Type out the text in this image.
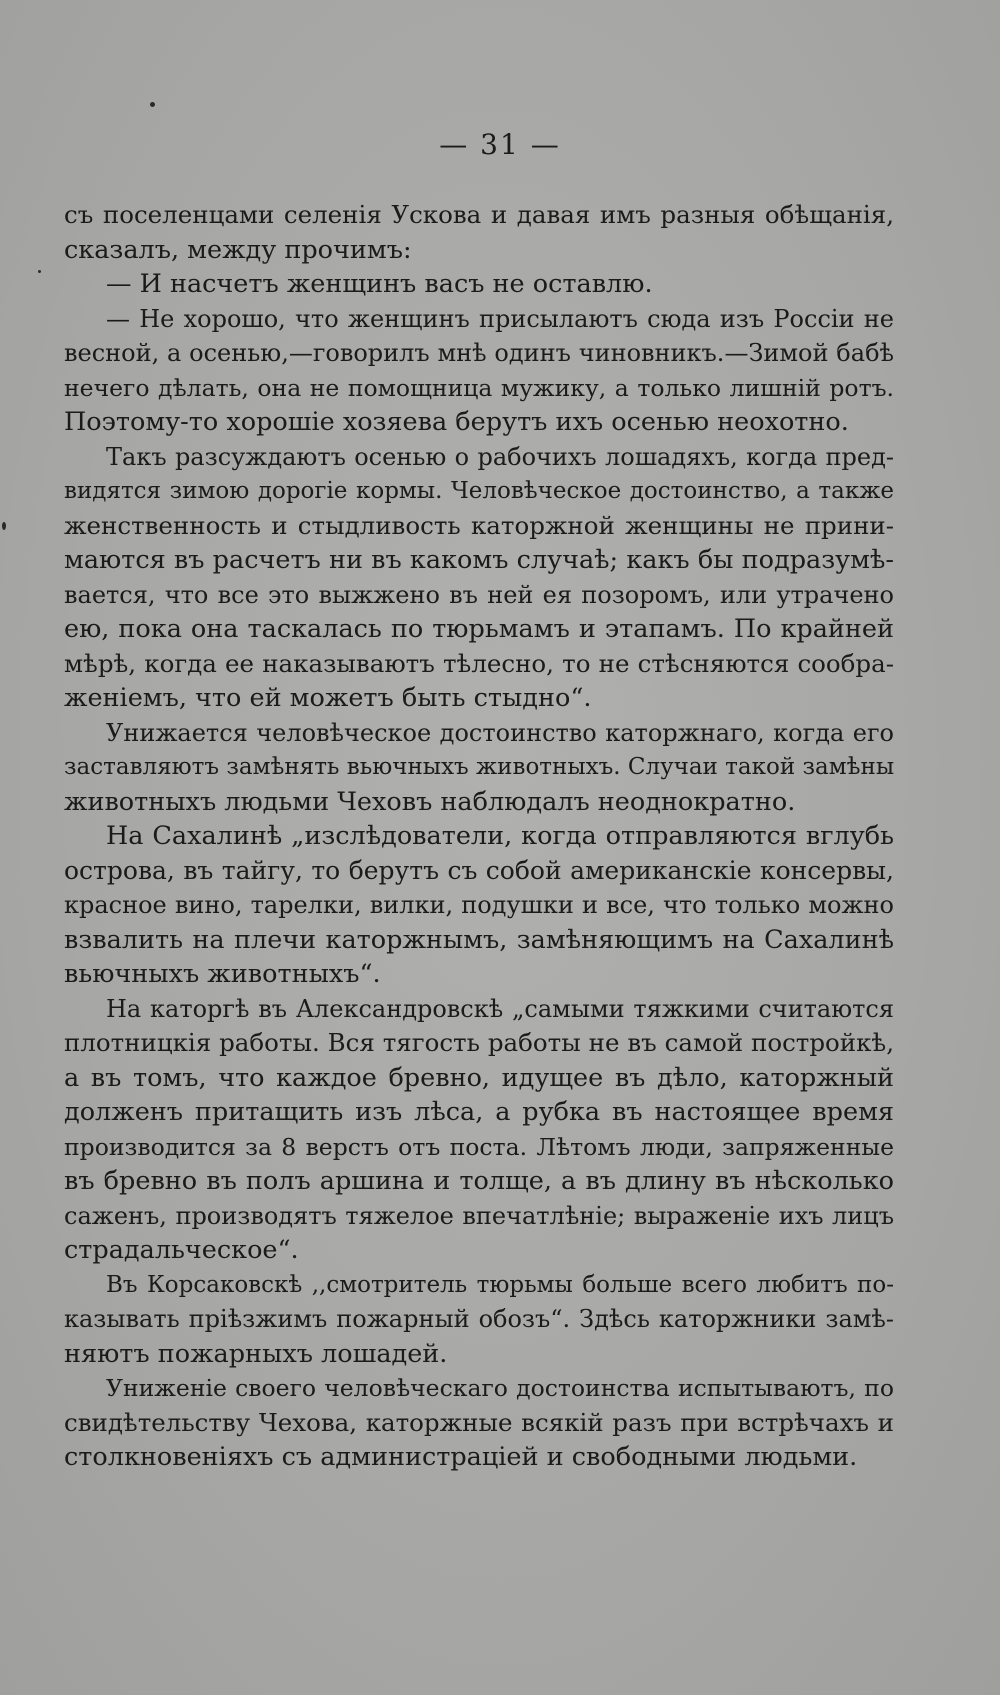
— 31 —
съ поселенцами селенія Ускова и давая имъ разныя обѣщанія,
сказалъ, между прочимъ:
— И насчетъ женщинъ васъ не оставлю.
— Не хорошо, что женщинъ присылаютъ сюда изъ Россіи не
весной, а осенью,—говорилъ мнѣ одинъ чиновникъ.—Зимой бабѣ
нечего дѣлать, она не помощница мужику, а только лишній ротъ.
Поэтому-то хорошіе хозяева берутъ ихъ осенью неохотно.
Такъ разсуждаютъ осенью о рабочихъ лошадяхъ, когда пред-
видятся зимою дорогіе кормы. Человѣческое достоинство, а также
женственность и стыдливость каторжной женщины не прини-
маются въ расчетъ ни въ какомъ случаѣ; какъ бы подразумѣ-
вается, что все это выжжено въ ней ея позоромъ, или утрачено
ею, пока она таскалась по тюрьмамъ и этапамъ. По крайней
мѣрѣ, когда ее наказываютъ тѣлесно, то не стѣсняются сообра-
женіемъ, что ей можетъ быть стыдно“.
Унижается человѣческое достоинство каторжнаго, когда его
заставляютъ замѣнять вьючныхъ животныхъ. Случаи такой замѣны
животныхъ людьми Чеховъ наблюдалъ неоднократно.
На Сахалинѣ „изслѣдователи, когда отправляются вглубь
острова, въ тайгу, то берутъ съ собой американскіе консервы,
красное вино, тарелки, вилки, подушки и все, что только можно
взвалить на плечи каторжнымъ, замѣняющимъ на Сахалинѣ
вьючныхъ животныхъ“.
На каторгѣ въ Александровскѣ „самыми тяжкими считаются
плотницкія работы. Вся тягость работы не въ самой постройкѣ,
а въ томъ, что каждое бревно, идущее въ дѣло, каторжный
долженъ притащить изъ лѣса, а рубка въ настоящее время
производится за 8 верстъ отъ поста. Лѣтомъ люди, запряженные
въ бревно въ полъ аршина и толще, а въ длину въ нѣсколько
саженъ, производятъ тяжелое впечатлѣніе; выраженіе ихъ лицъ
страдальческое“.
Въ Корсаковскѣ ,,смотритель тюрьмы больше всего любитъ по-
казывать пріѣзжимъ пожарный обозъ“. Здѣсь каторжники замѣ-
няютъ пожарныхъ лошадей.
Униженіе своего человѣческаго достоинства испытываютъ, по
свидѣтельству Чехова, каторжные всякій разъ при встрѣчахъ и
столкновеніяхъ съ администраціей и свободными людьми.
